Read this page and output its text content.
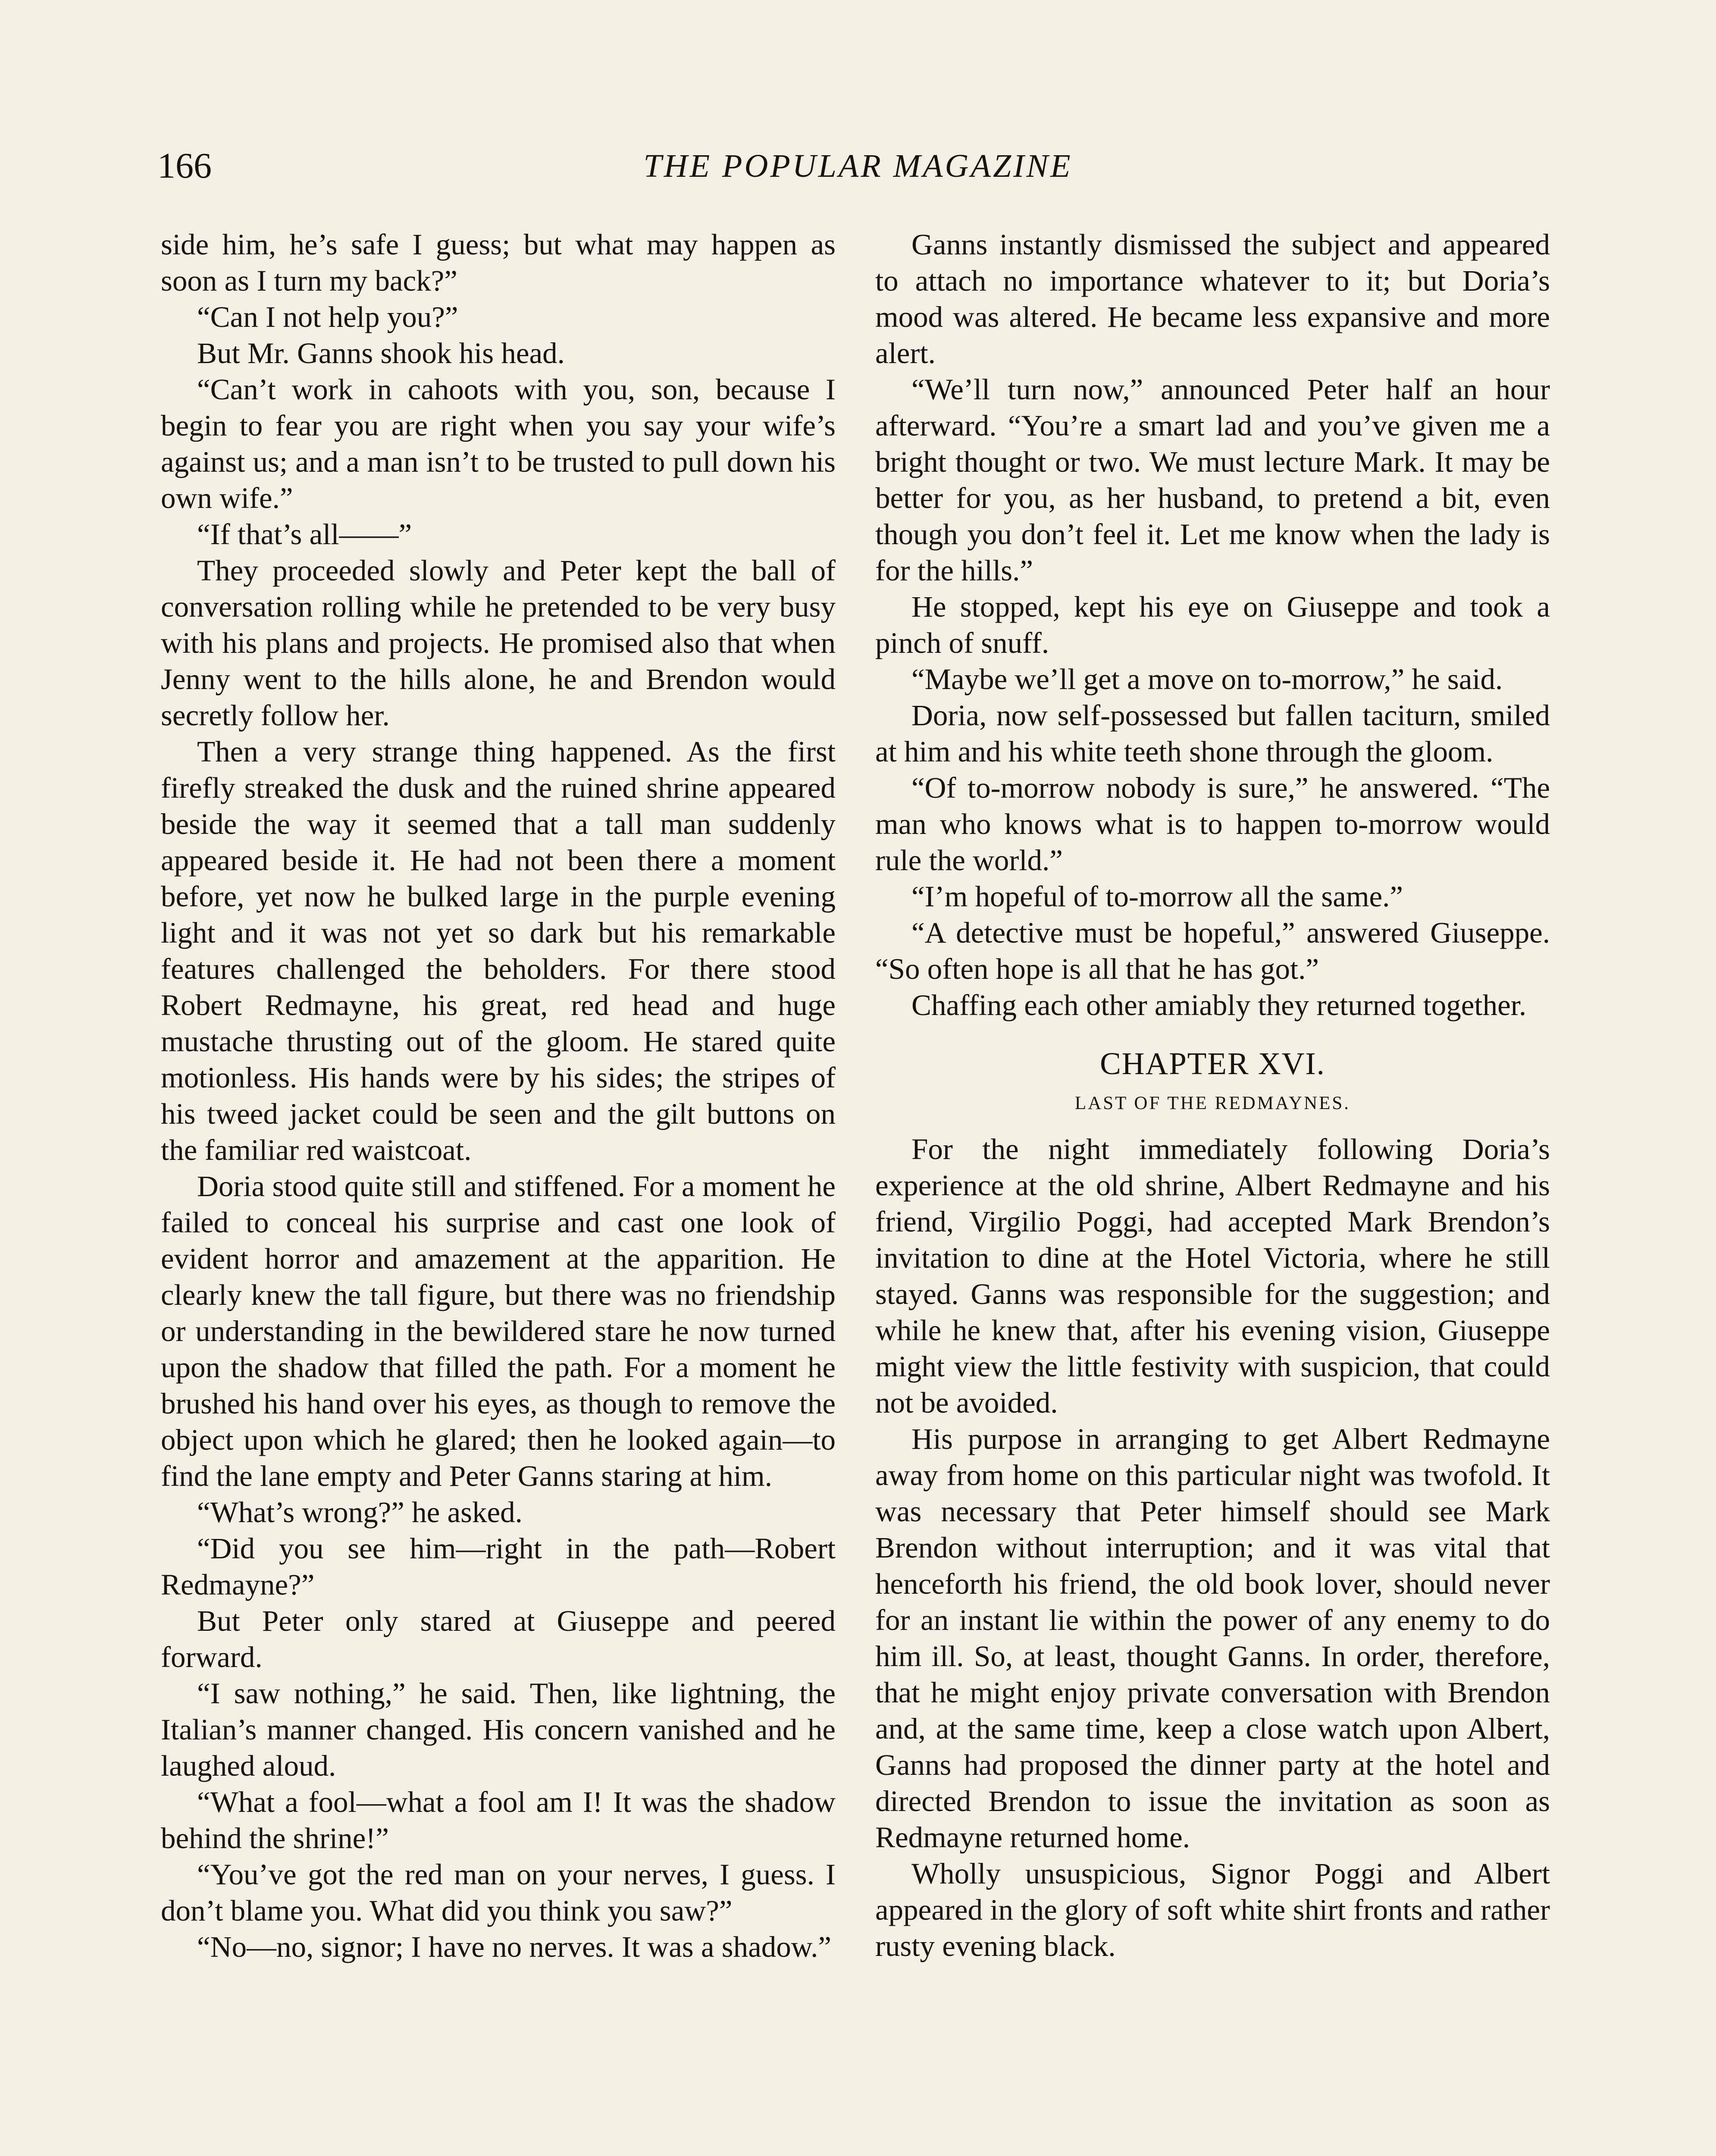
166	THE POPULAR MAGAZINE

side him, he’s safe I guess; but what may happen as soon as I turn my back?”

“Can I not help you?”

But Mr. Ganns shook his head.

“Can’t work in cahoots with you, son, because I begin to fear you are right when you say your wife’s against us; and a man isn’t to be trusted to pull down his own wife.”

“If that’s all——”

They proceeded slowly and Peter kept the ball of conversation rolling while he pretended to be very busy with his plans and projects. He promised also that when Jenny went to the hills alone, he and Brendon would secretly follow her.

Then a very strange thing happened. As the first firefly streaked the dusk and the ruined shrine appeared beside the way it seemed that a tall man suddenly appeared beside it. He had not been there a moment before, yet now he bulked large in the purple evening light and it was not yet so dark but his remarkable features challenged the beholders. For there stood Robert Redmayne, his great, red head and huge mustache thrusting out of the gloom. He stared quite motionless. His hands were by his sides; the stripes of his tweed jacket could be seen and the gilt buttons on the familiar red waistcoat.

Doria stood quite still and stiffened. For a moment he failed to conceal his surprise and cast one look of evident horror and amazement at the apparition. He clearly knew the tall figure, but there was no friendship or understanding in the bewildered stare he now turned upon the shadow that filled the path. For a moment he brushed his hand over his eyes, as though to remove the object upon which he glared; then he looked again—to find the lane empty and Peter Ganns staring at him.

“What’s wrong?” he asked.

“Did you see him—right in the path—Robert Redmayne?”

But Peter only stared at Giuseppe and peered forward.

“I saw nothing,” he said. Then, like lightning, the Italian’s manner changed. His concern vanished and he laughed aloud.

“What a fool—what a fool am I! It was the shadow behind the shrine!”

“You’ve got the red man on your nerves, I guess. I don’t blame you. What did you think you saw?”

“No—no, signor; I have no nerves. It was a shadow.”

Ganns instantly dismissed the subject and appeared to attach no importance whatever to it; but Doria’s mood was altered. He became less expansive and more alert.

“We’ll turn now,” announced Peter half an hour afterward. “You’re a smart lad and you’ve given me a bright thought or two. We must lecture Mark. It may be better for you, as her husband, to pretend a bit, even though you don’t feel it. Let me know when the lady is for the hills.”

He stopped, kept his eye on Giuseppe and took a pinch of snuff.

“Maybe we’ll get a move on to-morrow,” he said.

Doria, now self-possessed but fallen taciturn, smiled at him and his white teeth shone through the gloom.

“Of to-morrow nobody is sure,” he answered. “The man who knows what is to happen to-morrow would rule the world.”

“I’m hopeful of to-morrow all the same.”

“A detective must be hopeful,” answered Giuseppe. “So often hope is all that he has got.”

Chaffing each other amiably they returned together.

CHAPTER XVI.
LAST OF THE REDMAYNES.

For the night immediately following Doria’s experience at the old shrine, Albert Redmayne and his friend, Virgilio Poggi, had accepted Mark Brendon’s invitation to dine at the Hotel Victoria, where he still stayed. Ganns was responsible for the suggestion; and while he knew that, after his evening vision, Giuseppe might view the little festivity with suspicion, that could not be avoided.

His purpose in arranging to get Albert Redmayne away from home on this particular night was twofold. It was necessary that Peter himself should see Mark Brendon without interruption; and it was vital that henceforth his friend, the old book lover, should never for an instant lie within the power of any enemy to do him ill. So, at least, thought Ganns. In order, therefore, that he might enjoy private conversation with Brendon and, at the same time, keep a close watch upon Albert, Ganns had proposed the dinner party at the hotel and directed Brendon to issue the invitation as soon as Redmayne returned home.

Wholly unsuspicious, Signor Poggi and Albert appeared in the glory of soft white shirt fronts and rather rusty evening black.
